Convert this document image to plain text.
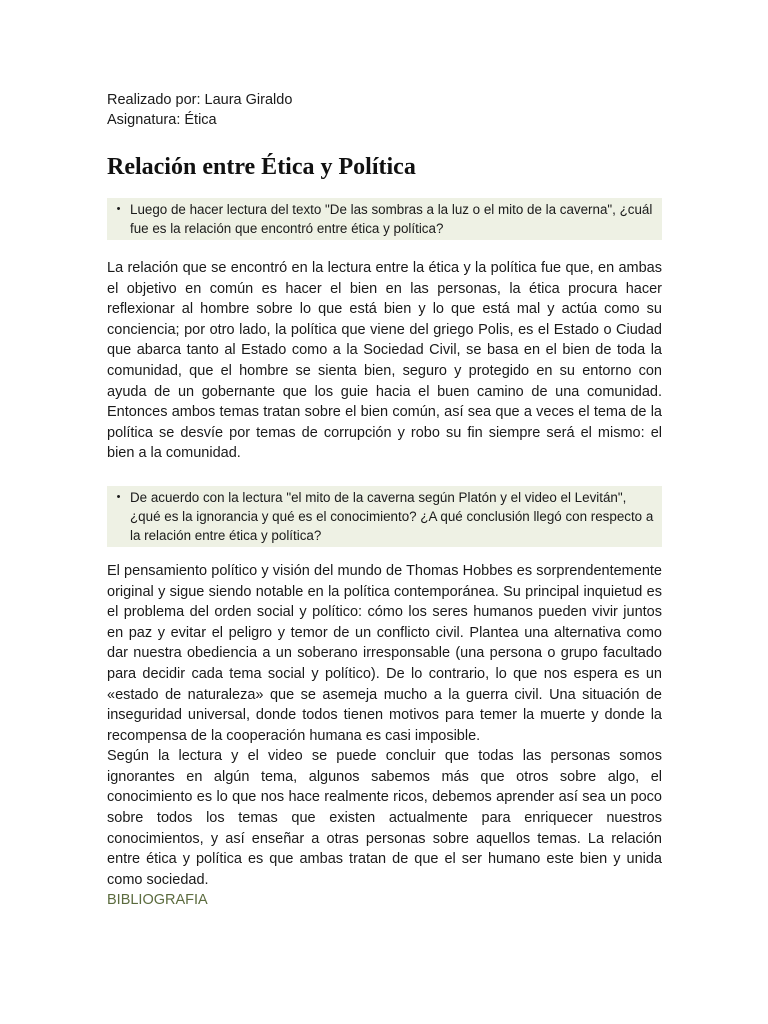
Realizado por: Laura Giraldo

Asignatura: Ética

Relación entre Ética y Política
• Luego de hacer lectura del texto "De las sombras a la luz o el mito de la caverna", ¿cuál fue es la relación que encontró entre ética y política?

La relación que se encontró en la lectura entre la ética y la política fue que, en ambas el objetivo en común es hacer el bien en las personas, la ética procura hacer reflexionar al hombre sobre lo que está bien y lo que está mal y actúa como su conciencia; por otro lado, la política que viene del griego Polis, es el Estado o Ciudad que abarca tanto al Estado como a la Sociedad Civil, se basa en el bien de toda la comunidad, que el hombre se sienta bien, seguro y protegido en su entorno con ayuda de un gobernante que los guie hacia el buen camino de una comunidad. Entonces ambos temas tratan sobre el bien común, así sea que a veces el tema de la política se desvíe por temas de corrupción y robo su fin siempre será el mismo: el bien a la comunidad.

• De acuerdo con la lectura "el mito de la caverna según Platón y el video el Levitán", ¿qué es la ignorancia y qué es el conocimiento? ¿A qué conclusión llegó con respecto a la relación entre ética y política?

El pensamiento político y visión del mundo de Thomas Hobbes es sorprendentemente original y sigue siendo notable en la política contemporánea. Su principal inquietud es el problema del orden social y político: cómo los seres humanos pueden vivir juntos en paz y evitar el peligro y temor de un conflicto civil. Plantea una alternativa como dar nuestra obediencia a un soberano irresponsable (una persona o grupo facultado para decidir cada tema social y político). De lo contrario, lo que nos espera es un «estado de naturaleza» que se asemeja mucho a la guerra civil. Una situación de inseguridad universal, donde todos tienen motivos para temer la muerte y donde la recompensa de la cooperación humana es casi imposible.

Según la lectura y el video se puede concluir que todas las personas somos ignorantes en algún tema, algunos sabemos más que otros sobre algo, el conocimiento es lo que nos hace realmente ricos, debemos aprender así sea un poco sobre todos los temas que existen actualmente para enriquecer nuestros conocimientos, y así enseñar a otras personas sobre aquellos temas. La relación entre ética y política es que ambas tratan de que el ser humano este bien y unida como sociedad.

BIBLIOGRAFIA
